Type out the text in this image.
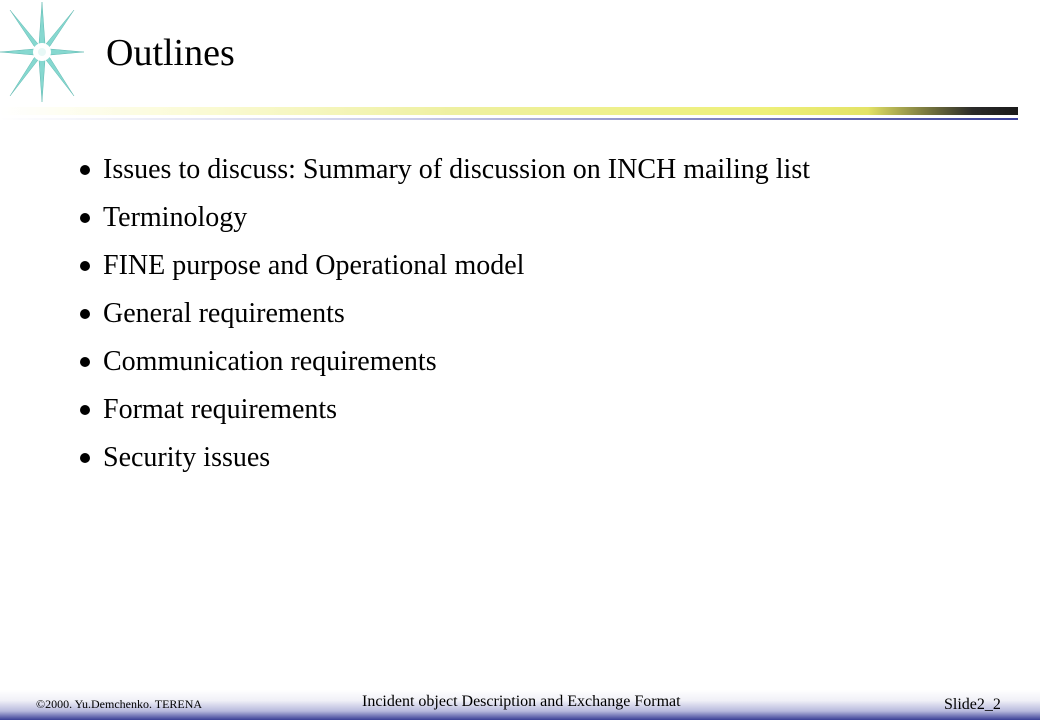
Outlines
Issues to discuss: Summary of discussion on INCH mailing list
Terminology
FINE purpose and Operational model
General requirements
Communication requirements
Format requirements
Security issues
©2000. Yu.Demchenko. TERENA	Incident object Description and Exchange Format	Slide2_2
